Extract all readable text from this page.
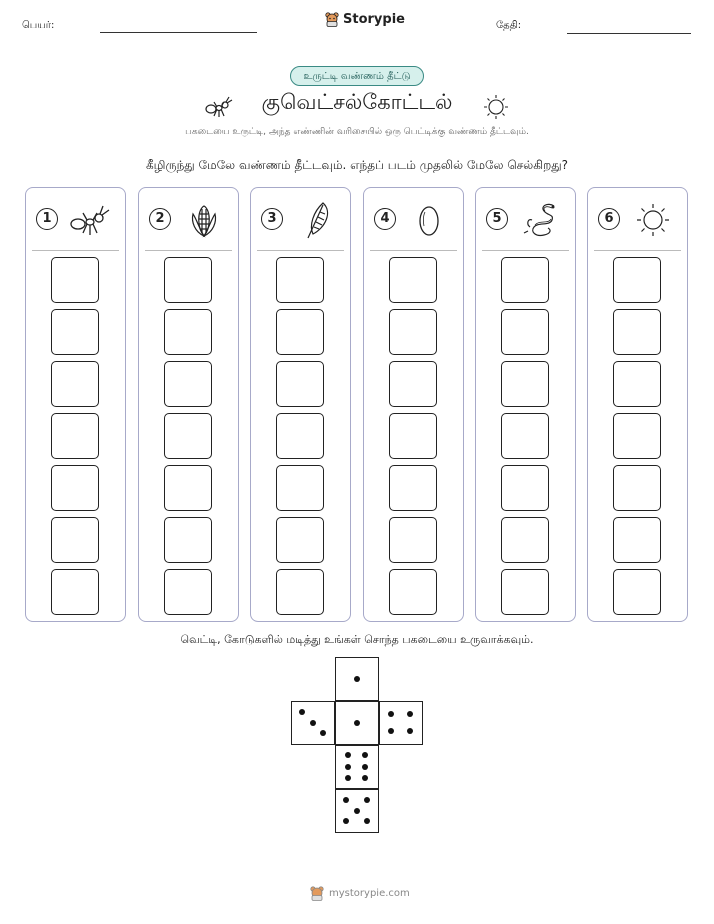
பெயர்:	Storypie	தேதி:
உருட்டி வண்ணம் தீட்டு
குவெட்சல்கோட்டல்
பகடையை உருட்டி, அந்த எண்ணின் வரிசையில் ஒரு பெட்டிக்கு வண்ணம் தீட்டவும்.
கீழிருந்து மேலே வண்ணம் தீட்டவும். எந்தப் படம் முதலில் மேலே செல்கிறது?
1	2	3	4	5	6
வெட்டி, கோடுகளில் மடித்து உங்கள் சொந்த பகடையை உருவாக்கவும்.
mystorypie.com
